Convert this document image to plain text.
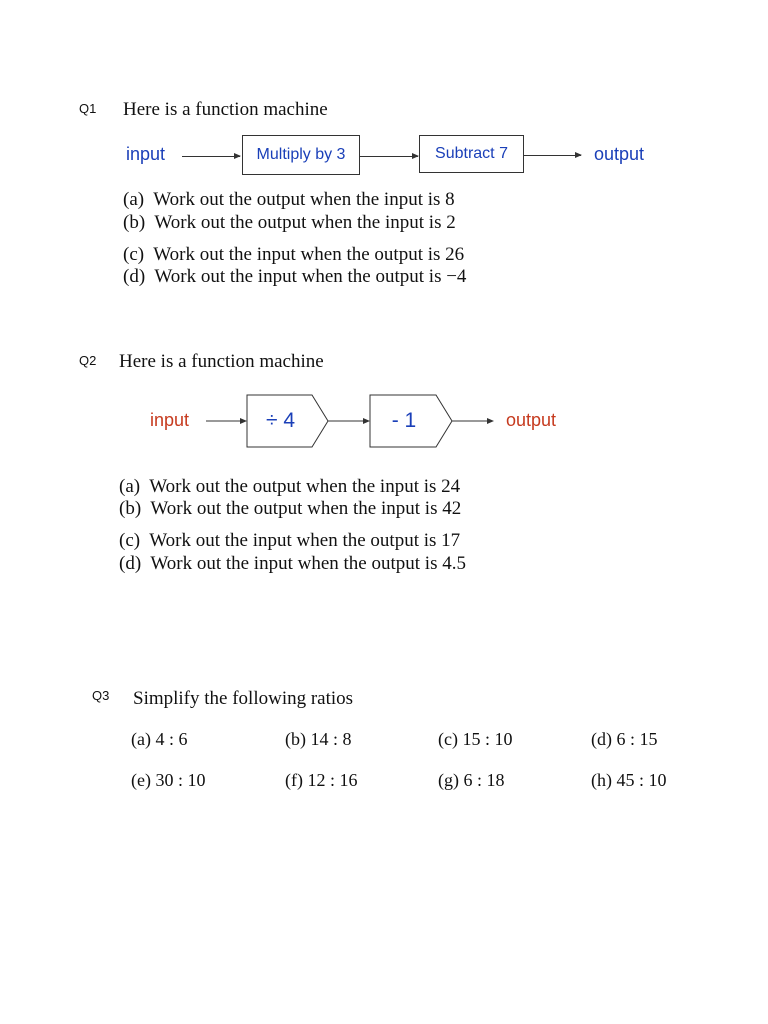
Q1 Here is a function machine
input	Multiply by 3	Subtract 7	output
(a) Work out the output when the input is 8
(b) Work out the output when the input is 2
(c) Work out the input when the output is 26
(d) Work out the input when the output is −4
Q2 Here is a function machine
input	÷ 4	- 1	output
(a) Work out the output when the input is 24
(b) Work out the output when the input is 42
(c) Work out the input when the output is 17
(d) Work out the input when the output is 4.5
Q3 Simplify the following ratios
(a) 4 : 6	(b) 14 : 8	(c) 15 : 10	(d) 6 : 15
(e) 30 : 10	(f) 12 : 16	(g) 6 : 18	(h) 45 : 10
